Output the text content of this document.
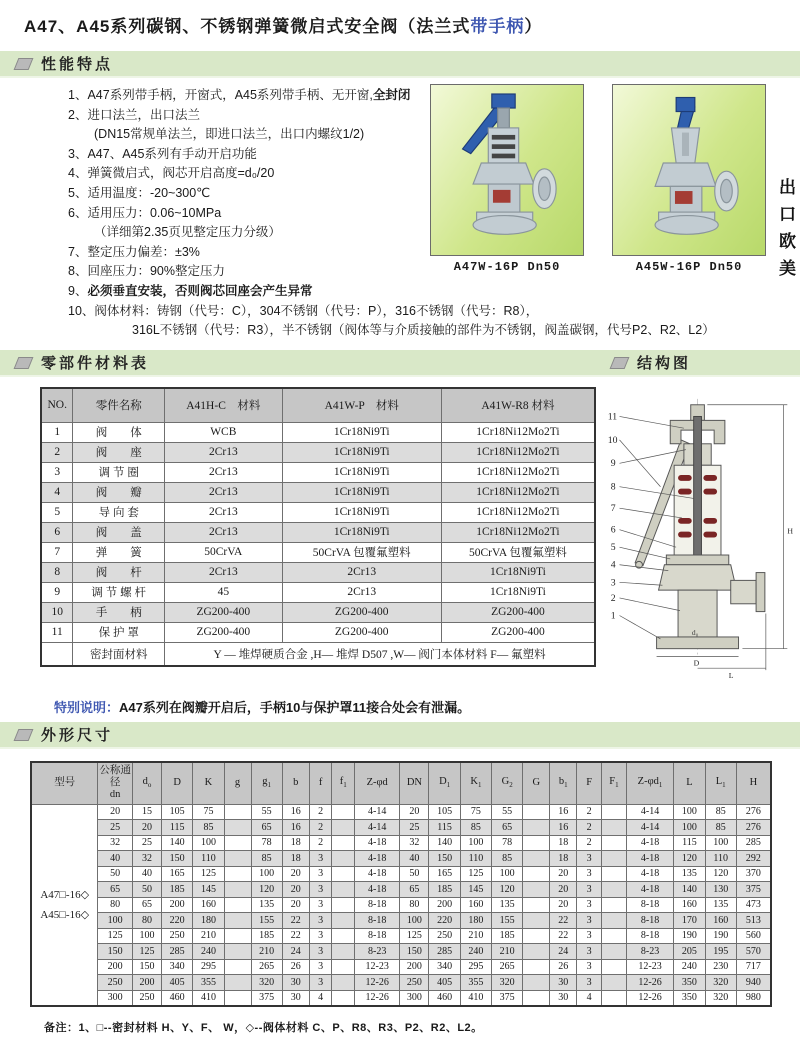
A47、A45系列碳钢、不锈钢弹簧微启式安全阀（法兰式带手柄）
性能特点
1、A47系列带手柄，开窗式，A45系列带手柄、无开窗,全封闭
2、进口法兰，出口法兰
(DN15常规单法兰，即进口法兰，出口内螺纹1/2)
3、A47、A45系列有手动开启功能
4、弹簧微启式，阀芯开启高度=d₀/20
5、适用温度：-20~300℃
6、适用压力：0.06~10MPa
（详细第2.35页见整定压力分级）
7、整定压力偏差：±3%
8、回座压力：90%整定压力
9、必须垂直安装，否则阀芯回座会产生异常
10、阀体材料：铸钢（代号：C），304不锈钢（代号：P），316不锈钢（代号：R8），
316L不锈钢（代号：R3），半不锈钢（阀体等与介质接触的部件为不锈钢，阀盖碳钢，代号P2、R2、L2）
A47W-16P Dn50	A45W-16P Dn50	出口欧美
零部件材料表	结构图
NO.	零件名称	A41H-C　材料	A41W-P　材料	A41W-R8 材料
1	阀　　体	WCB	1Cr18Ni9Ti	1Cr18Ni12Mo2Ti
2	阀　　座	2Cr13	1Cr18Ni9Ti	1Cr18Ni12Mo2Ti
3	调 节 圈	2Cr13	1Cr18Ni9Ti	1Cr18Ni12Mo2Ti
4	阀　　瓣	2Cr13	1Cr18Ni9Ti	1Cr18Ni12Mo2Ti
5	导 向 套	2Cr13	1Cr18Ni9Ti	1Cr18Ni12Mo2Ti
6	阀　　盖	2Cr13	1Cr18Ni9Ti	1Cr18Ni12Mo2Ti
7	弹　　簧	50CrVA	50CrVA 包覆氟塑料	50CrVA 包覆氟塑料
8	阀　　杆	2Cr13	2Cr13	1Cr18Ni9Ti
9	调 节 螺 杆	45	2Cr13	1Cr18Ni9Ti
10	手　　柄	ZG200-400	ZG200-400	ZG200-400
11	保 护 罩	ZG200-400	ZG200-400	ZG200-400
	密封面材料	Y — 堆焊硬质合金 ,H— 堆焊 D507 ,W— 阀门本体材料 F— 氟塑料		
11
10
9
8
7
6
5
4
3
2
1
H
D
L
d₀
特别说明：A47系列在阀瓣开启后，手柄10与保护罩11接合处会有泄漏。
外形尺寸
型号	公称通径
dn	$d_o$	D	K	g	$g_1$	b	f	$f_1$	Z-φd	DN	$D_1$	$K_1$	$G_2$	G	$b_1$	F	$F_1$	$Z-\varphi d_1$	L	$L_1$	H

A47□-16◇
A45□-16◇	20	15	105	75		55	16	2		4-14	20	105	75	55		16	2		4-14	100	85	276
	25	20	115	85		65	16	2		4-14	25	115	85	65		16	2		4-14	100	85	276
	32	25	140	100		78	18	2		4-18	32	140	100	78		18	2		4-18	115	100	285
	40	32	150	110		85	18	3		4-18	40	150	110	85		18	3		4-18	120	110	292
	50	40	165	125		100	20	3		4-18	50	165	125	100		20	3		4-18	135	120	370
	65	50	185	145		120	20	3		4-18	65	185	145	120		20	3		4-18	140	130	375
	80	65	200	160		135	20	3		8-18	80	200	160	135		20	3		8-18	160	135	473
	100	80	220	180		155	22	3		8-18	100	220	180	155		22	3		8-18	170	160	513
	125	100	250	210		185	22	3		8-18	125	250	210	185		22	3		8-18	190	190	560
	150	125	285	240		210	24	3		8-23	150	285	240	210		24	3		8-23	205	195	570
	200	150	340	295		265	26	3		12-23	200	340	295	265		26	3		12-23	240	230	717
	250	200	405	355		320	30	3		12-26	250	405	355	320		30	3		12-26	350	320	940
	300	250	460	410		375	30	4		12-26	300	460	410	375		30	4		12-26	350	320	980
备注：1、□--密封材料 H、Y、F、 W，◇--阀体材料 C、P、R8、R3、P2、R2、L2。
